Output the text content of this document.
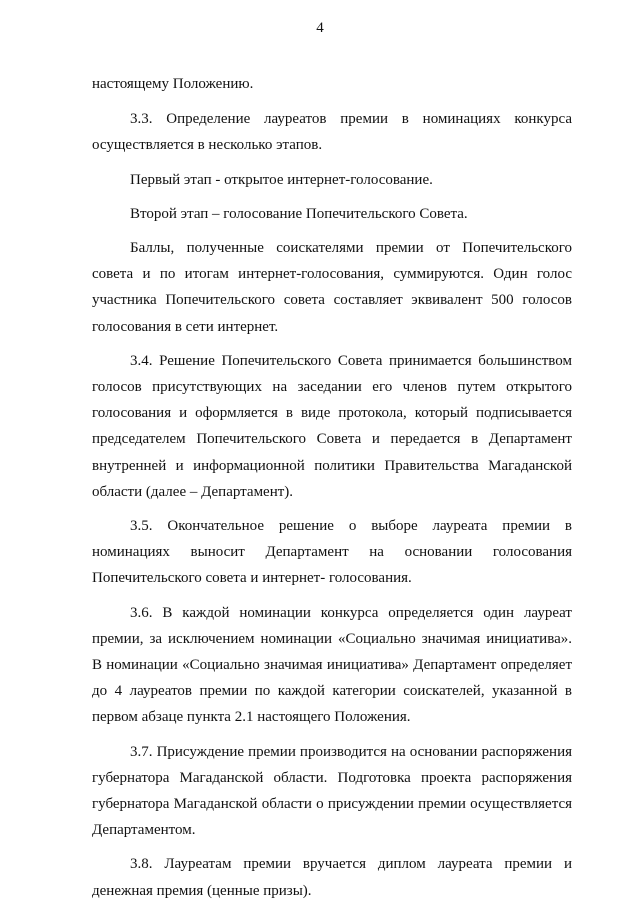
4

настоящему Положению.

3.3. Определение лауреатов премии в номинациях конкурса осуществляется в несколько этапов.

Первый этап - открытое интернет-голосование.

Второй этап – голосование Попечительского Совета.

Баллы, полученные соискателями премии от Попечительского совета и по итогам интернет-голосования, суммируются. Один голос участника Попечительского совета составляет эквивалент 500 голосов голосования в сети интернет.

3.4. Решение Попечительского Совета принимается большинством голосов присутствующих на заседании его членов путем открытого голосования и оформляется в виде протокола, который подписывается председателем Попечительского Совета и передается в Департамент внутренней и информационной политики Правительства Магаданской области (далее – Департамент).

3.5. Окончательное решение о выборе лауреата премии в номинациях выносит Департамент на основании голосования Попечительского совета и интернет- голосования.

3.6. В каждой номинации конкурса определяется один лауреат премии, за исключением номинации «Социально значимая инициатива». В номинации «Социально значимая инициатива» Департамент определяет до 4 лауреатов премии по каждой категории соискателей, указанной в первом абзаце пункта 2.1 настоящего Положения.

3.7. Присуждение премии производится на основании распоряжения губернатора Магаданской области. Подготовка проекта распоряжения губернатора Магаданской области о присуждении премии осуществляется Департаментом.

3.8. Лауреатам премии вручается диплом лауреата премии и денежная премия (ценные призы).
